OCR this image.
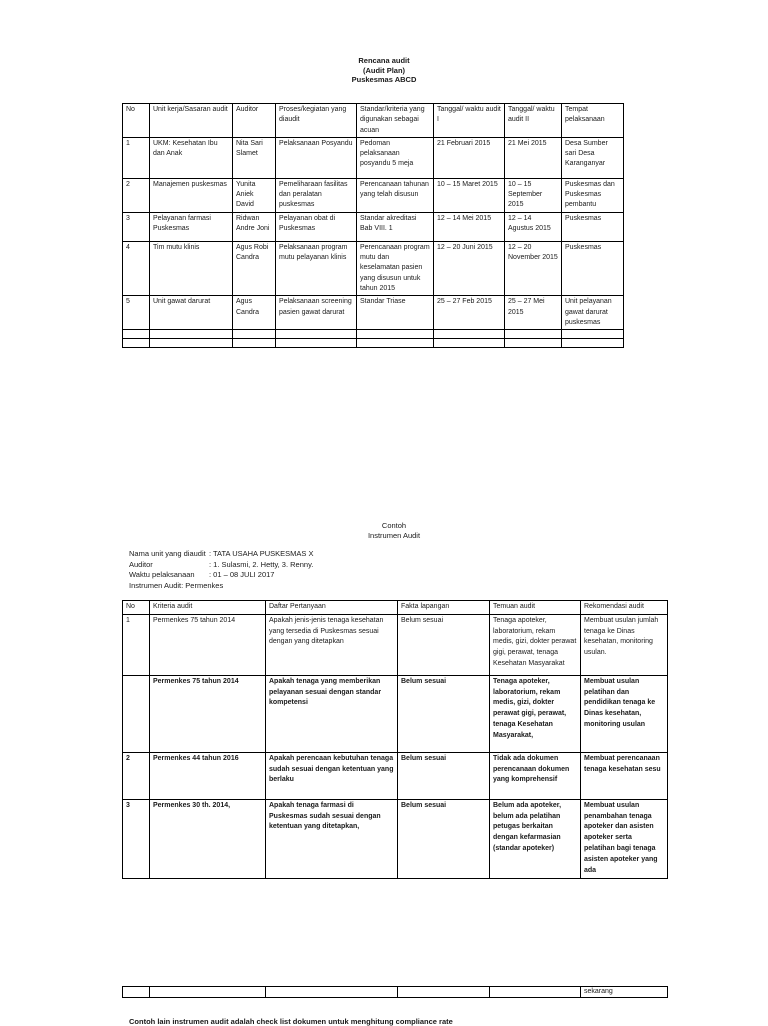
Rencana audit
(Audit Plan)
Puskesmas ABCD
No	Unit kerja/Sasaran audit	Auditor	Proses/kegiatan yang diaudit	Standar/kriteria yang digunakan sebagai acuan	Tanggal/ waktu audit I	Tanggal/ waktu audit II	Tempat pelaksanaan
1	UKM: Kesehatan Ibu dan Anak	Nita Sari Slamet	Pelaksanaan Posyandu	Pedoman pelaksanaan posyandu 5 meja	21 Februari 2015	21 Mei 2015	Desa Sumber sari Desa Karanganyar
2	Manajemen puskesmas	Yunita Aniek David	Pemeliharaan fasilitas dan peralatan puskesmas	Perencanaan tahunan yang telah disusun	10 – 15 Maret 2015	10 – 15 September 2015	Puskesmas dan Puskesmas pembantu
3	Pelayanan farmasi Puskesmas	Ridwan Andre Joni	Pelayanan obat di Puskesmas	Standar akreditasi Bab VIII. 1	12 – 14 Mei 2015	12 – 14 Agustus 2015	Puskesmas
4	Tim mutu klinis	Agus Robi Candra	Pelaksanaan program mutu pelayanan klinis	Perencanaan program mutu dan keselamatan pasien yang disusun untuk tahun 2015	12 – 20 Juni 2015	12 – 20 November 2015	Puskesmas
5	Unit gawat darurat	Agus Candra	Pelaksanaan screening pasien gawat darurat	Standar Triase	25 – 27 Feb 2015	25 – 27 Mei 2015	Unit pelayanan gawat darurat puskesmas

Contoh
Instrumen Audit
Nama unit yang diaudit : TATA USAHA PUSKESMAS X
Auditor	: 1. Sulasmi, 2. Hetty, 3. Renny.
Waktu pelaksanaan	: 01 – 08 JULI 2017
Instrumen Audit: Permenkes
No	Kriteria audit	Daftar Pertanyaan	Fakta lapangan	Temuan audit	Rekomendasi audit
1	Permenkes 75 tahun 2014	Apakah jenis-jenis tenaga kesehatan yang tersedia di Puskesmas sesuai dengan yang ditetapkan	Belum sesuai	Tenaga apoteker, laboratorium, rekam medis, gizi, dokter perawat gigi, perawat, tenaga Kesehatan Masyarakat	Membuat usulan jumlah tenaga ke Dinas kesehatan, monitoring usulan.
	Permenkes 75 tahun 2014	Apakah tenaga yang memberikan pelayanan sesuai dengan standar kompetensi	Belum sesuai	Tenaga apoteker, laboratorium, rekam medis, gizi, dokter perawat gigi, perawat, tenaga Kesehatan Masyarakat,	Membuat usulan pelatihan dan pendidikan tenaga ke Dinas kesehatan, monitoring usulan
2	Permenkes 44 tahun 2016	Apakah perencaan kebutuhan tenaga sudah sesuai dengan ketentuan yang berlaku	Belum sesuai	Tidak ada dokumen perencanaan dokumen yang komprehensif	Membuat perencanaan tenaga kesehatan sesu
3	Permenkes 30 th. 2014,	Apakah tenaga farmasi di Puskesmas sudah sesuai dengan ketentuan yang ditetapkan,	Belum sesuai	Belum ada apoteker, belum ada pelatihan petugas berkaitan dengan kefarmasian (standar apoteker)	Membuat usulan penambahan tenaga apoteker dan asisten apoteker serta pelatihan bagi tenaga asisten apoteker yang ada
					sekarang
Contoh lain instrumen audit adalah check list dokumen untuk menghitung compliance rate
